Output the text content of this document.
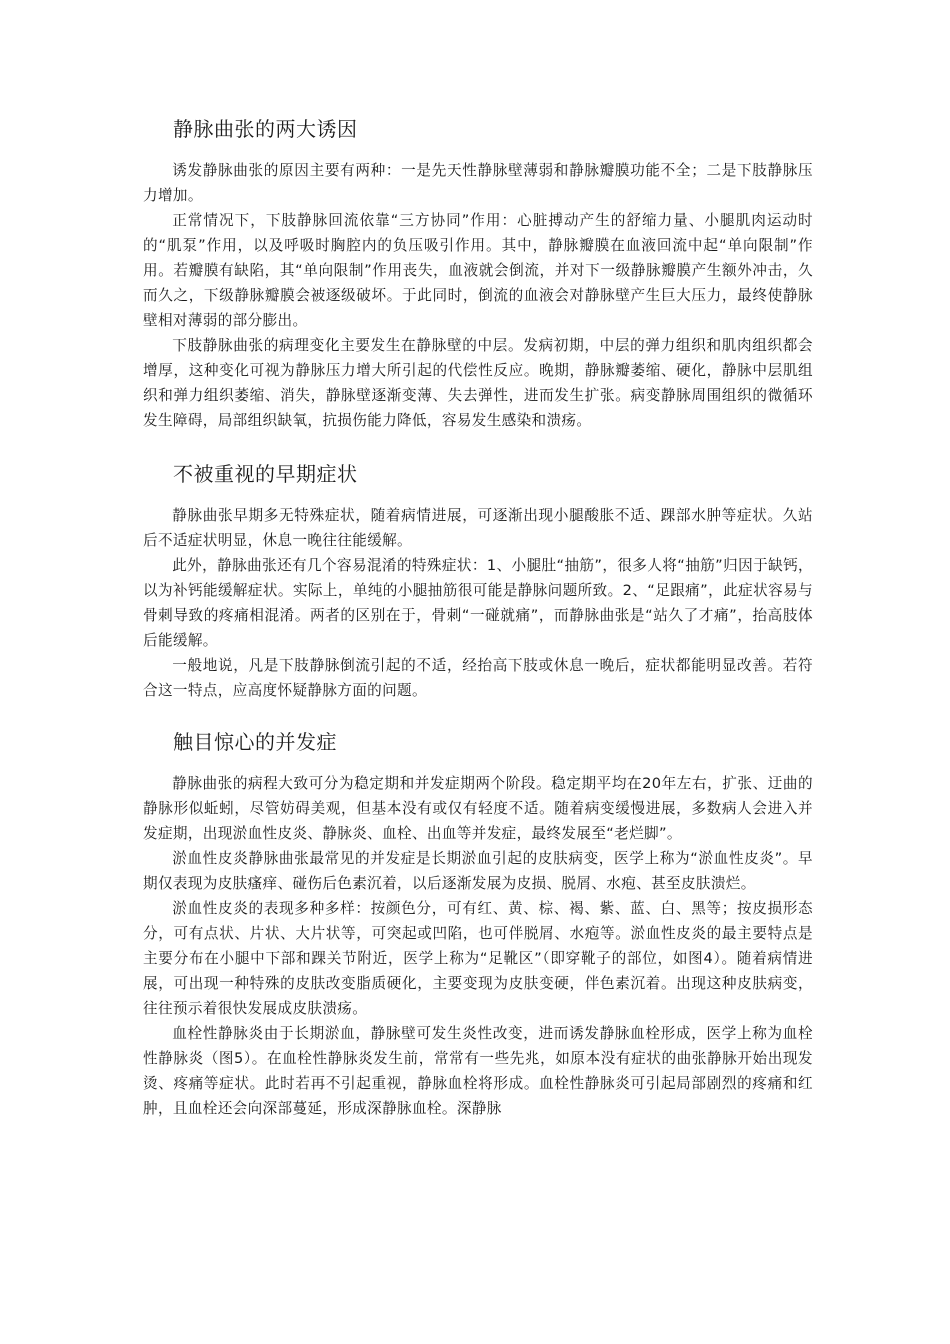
静脉曲张的两大诱因

诱发静脉曲张的原因主要有两种：一是先天性静脉壁薄弱和静脉瓣膜功能不全；二是下肢静脉压力增加。

正常情况下，下肢静脉回流依靠“三方协同”作用：心脏搏动产生的舒缩力量、小腿肌肉运动时的“肌泵”作用，以及呼吸时胸腔内的负压吸引作用。其中，静脉瓣膜在血液回流中起“单向限制”作用。若瓣膜有缺陷，其“单向限制”作用丧失，血液就会倒流，并对下一级静脉瓣膜产生额外冲击，久而久之，下级静脉瓣膜会被逐级破坏。于此同时，倒流的血液会对静脉壁产生巨大压力，最终使静脉壁相对薄弱的部分膨出。

下肢静脉曲张的病理变化主要发生在静脉壁的中层。发病初期，中层的弹力组织和肌肉组织都会增厚，这种变化可视为静脉压力增大所引起的代偿性反应。晚期，静脉瓣萎缩、硬化，静脉中层肌组织和弹力组织萎缩、消失，静脉壁逐渐变薄、失去弹性，进而发生扩张。病变静脉周围组织的微循环发生障碍，局部组织缺氧，抗损伤能力降低，容易发生感染和溃疡。

不被重视的早期症状

静脉曲张早期多无特殊症状，随着病情进展，可逐渐出现小腿酸胀不适、踝部水肿等症状。久站后不适症状明显，休息一晚往往能缓解。

此外，静脉曲张还有几个容易混淆的特殊症状：1、小腿肚“抽筋”，很多人将“抽筋”归因于缺钙，以为补钙能缓解症状。实际上，单纯的小腿抽筋很可能是静脉问题所致。2、“足跟痛”，此症状容易与骨刺导致的疼痛相混淆。两者的区别在于，骨刺“一碰就痛”，而静脉曲张是“站久了才痛”，抬高肢体后能缓解。

一般地说，凡是下肢静脉倒流引起的不适，经抬高下肢或休息一晚后，症状都能明显改善。若符合这一特点，应高度怀疑静脉方面的问题。

触目惊心的并发症

静脉曲张的病程大致可分为稳定期和并发症期两个阶段。稳定期平均在20年左右，扩张、迂曲的静脉形似蚯蚓，尽管妨碍美观，但基本没有或仅有轻度不适。随着病变缓慢进展，多数病人会进入并发症期，出现淤血性皮炎、静脉炎、血栓、出血等并发症，最终发展至“老烂脚”。

淤血性皮炎静脉曲张最常见的并发症是长期淤血引起的皮肤病变，医学上称为“淤血性皮炎”。早期仅表现为皮肤瘙痒、碰伤后色素沉着，以后逐渐发展为皮损、脱屑、水疱、甚至皮肤溃烂。

淤血性皮炎的表现多种多样：按颜色分，可有红、黄、棕、褐、紫、蓝、白、黑等；按皮损形态分，可有点状、片状、大片状等，可突起或凹陷，也可伴脱屑、水疱等。淤血性皮炎的最主要特点是主要分布在小腿中下部和踝关节附近，医学上称为“足靴区”（即穿靴子的部位，如图4）。随着病情进展，可出现一种特殊的皮肤改变脂质硬化，主要变现为皮肤变硬，伴色素沉着。出现这种皮肤病变，往往预示着很快发展成皮肤溃疡。

血栓性静脉炎由于长期淤血，静脉壁可发生炎性改变，进而诱发静脉血栓形成，医学上称为血栓性静脉炎（图5）。在血栓性静脉炎发生前，常常有一些先兆，如原本没有症状的曲张静脉开始出现发烫、疼痛等症状。此时若再不引起重视，静脉血栓将形成。血栓性静脉炎可引起局部剧烈的疼痛和红肿，且血栓还会向深部蔓延，形成深静脉血栓。深静脉
